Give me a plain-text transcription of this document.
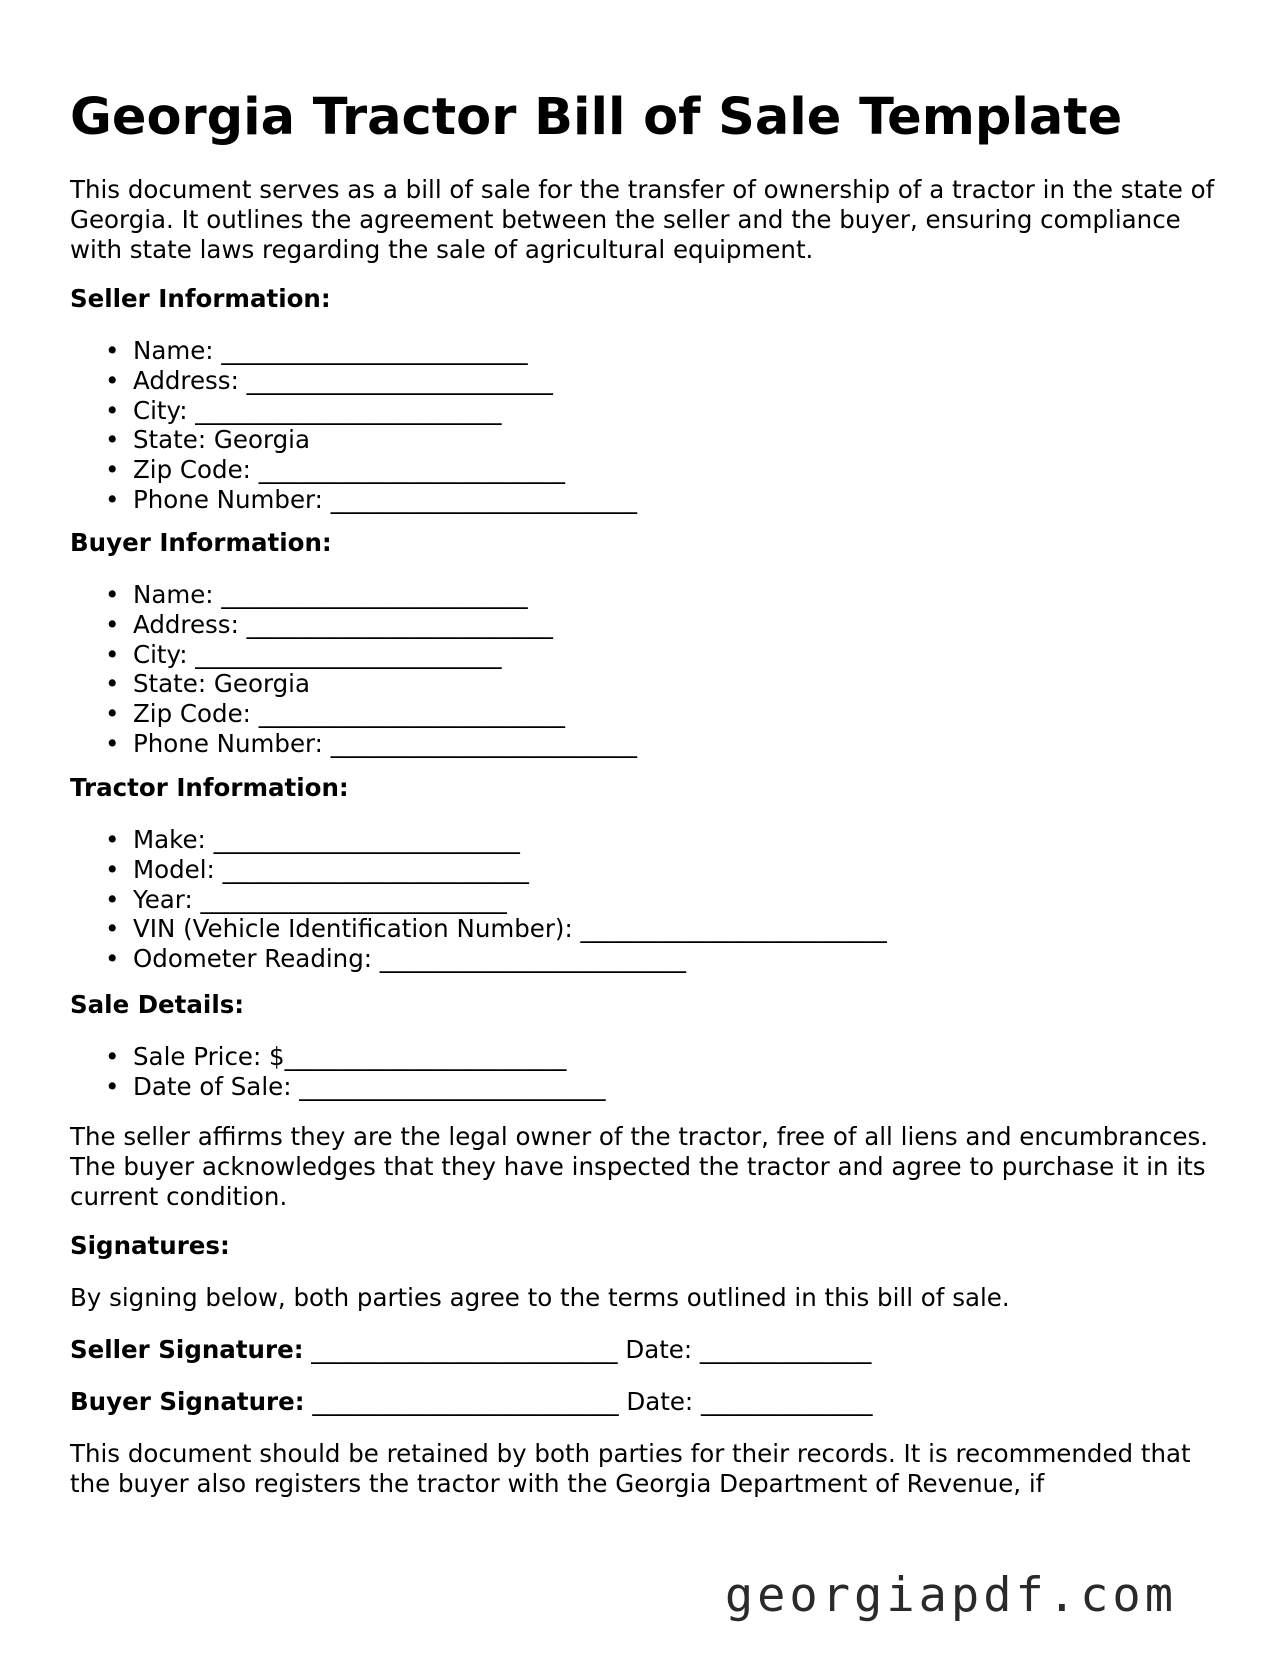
Georgia Tractor Bill of Sale Template

This document serves as a bill of sale for the transfer of ownership of a tractor in the state of Georgia. It outlines the agreement between the seller and the buyer, ensuring compliance with state laws regarding the sale of agricultural equipment.

Seller Information:

• Name: _________________________
• Address: _________________________
• City: _________________________
• State: Georgia
• Zip Code: _________________________
• Phone Number: _________________________

Buyer Information:

• Name: _________________________
• Address: _________________________
• City: _________________________
• State: Georgia
• Zip Code: _________________________
• Phone Number: _________________________

Tractor Information:

• Make: _________________________
• Model: _________________________
• Year: _________________________
• VIN (Vehicle Identification Number): _________________________
• Odometer Reading: _________________________

Sale Details:

• Sale Price: $_______________________
• Date of Sale: _________________________

The seller affirms they are the legal owner of the tractor, free of all liens and encumbrances. The buyer acknowledges that they have inspected the tractor and agree to purchase it in its current condition.

Signatures:

By signing below, both parties agree to the terms outlined in this bill of sale.

Seller Signature: _________________________ Date: ______________

Buyer Signature: _________________________ Date: ______________

This document should be retained by both parties for their records. It is recommended that the buyer also registers the tractor with the Georgia Department of Revenue, if

georgiapdf.com
